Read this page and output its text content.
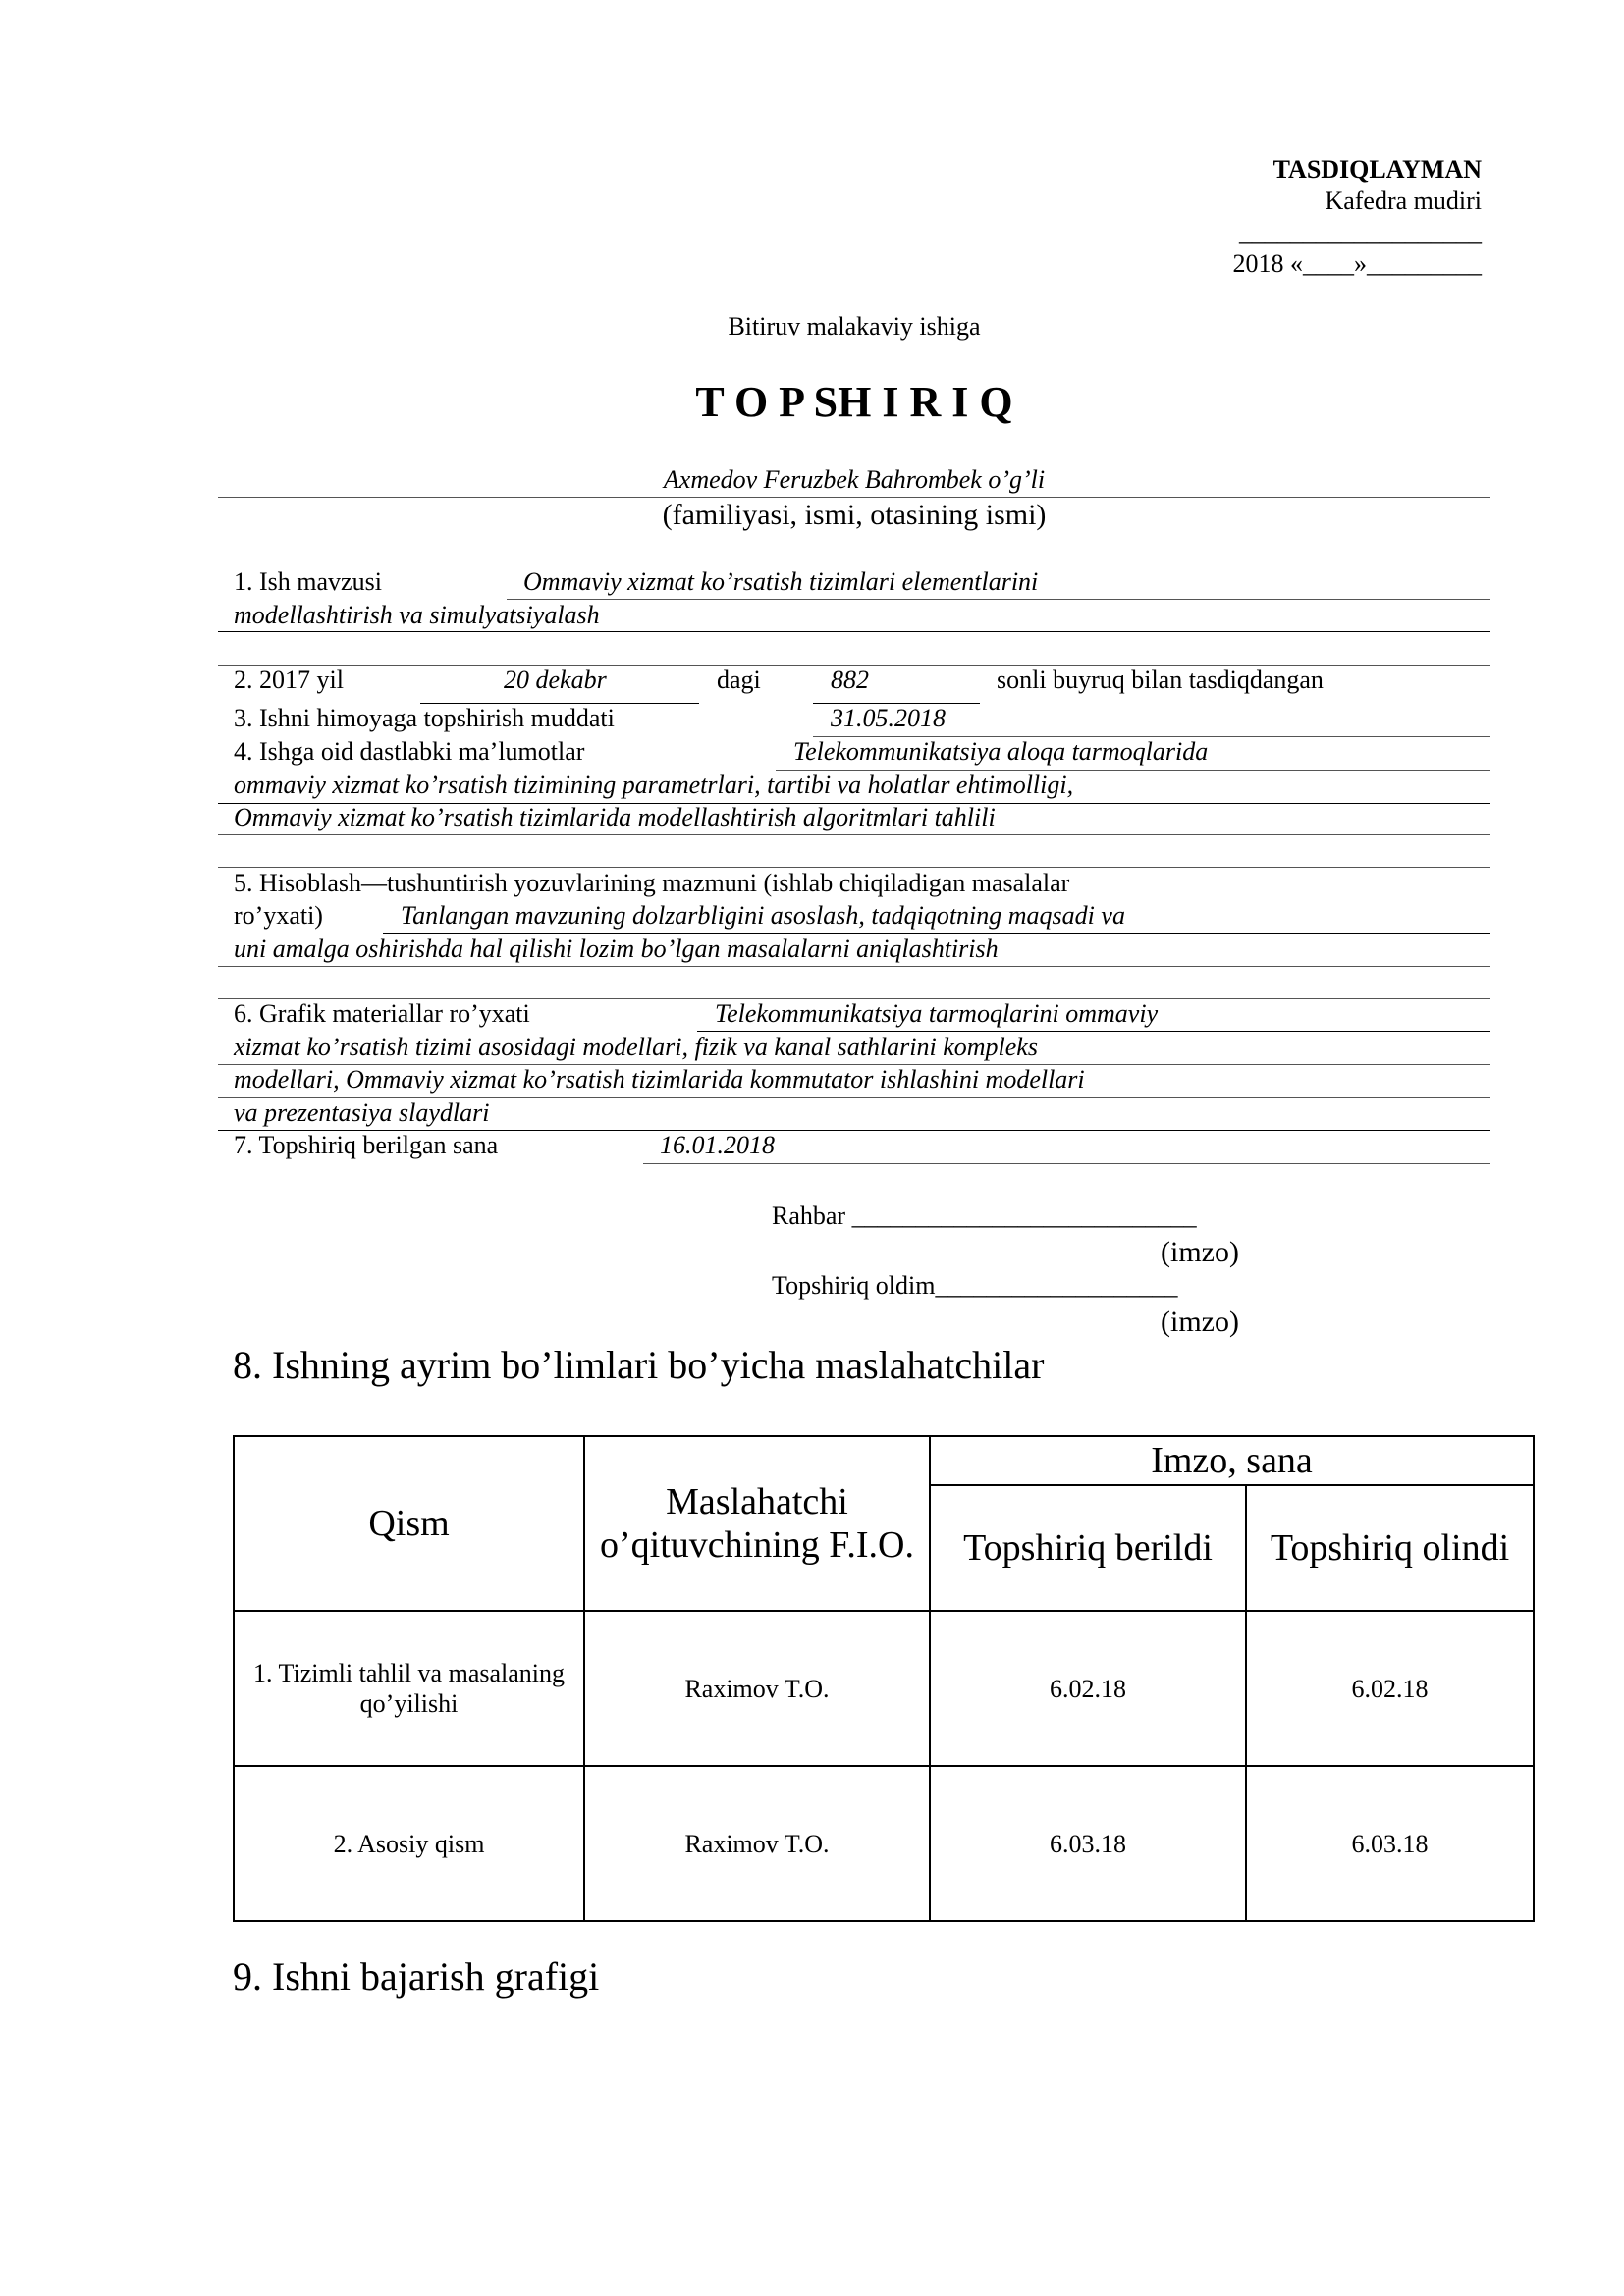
TASDIQLAYMAN
Kafedra mudiri
___________________
2018 «____»_________
Bitiruv malakaviy ishiga
T O P SH I R I Q
Axmedov Feruzbek Bahrombek o’g’li
(familiyasi, ismi, otasining ismi)
1. Ish mavzusi	Ommaviy xizmat ko’rsatish tizimlari elementlarini
modellashtirish va simulyatsiyalash
2. 2017 yil	20 dekabr	dagi	882	sonli buyruq bilan tasdiqdangan
3. Ishni himoyaga topshirish muddati	31.05.2018
4. Ishga oid dastlabki ma’lumotlar	Telekommunikatsiya aloqa tarmoqlarida
ommaviy xizmat ko’rsatish tizimining parametrlari, tartibi va holatlar ehtimolligi,
Ommaviy xizmat ko’rsatish tizimlarida modellashtirish algoritmlari tahlili
5. Hisoblash—tushuntirish yozuvlarining mazmuni (ishlab chiqiladigan masalalar
ro’yxati)	Tanlangan mavzuning dolzarbligini asoslash, tadqiqotning maqsadi va
uni amalga oshirishda hal qilishi lozim bo’lgan masalalarni aniqlashtirish
6. Grafik materiallar ro’yxati	Telekommunikatsiya tarmoqlarini ommaviy
xizmat ko’rsatish tizimi asosidagi modellari, fizik va kanal sathlarini kompleks
modellari, Ommaviy xizmat ko’rsatish tizimlarida kommutator ishlashini modellari
va prezentasiya slaydlari
7. Topshiriq berilgan sana	16.01.2018
Rahbar ___________________________
(imzo)
Topshiriq oldim___________________
(imzo)
8. Ishning ayrim bo’limlari bo’yicha maslahatchilar
Qism	Maslahatchi o’qituvchining F.I.O.	Imzo, sana	
		Topshiriq berildi	Topshiriq olindi
1. Tizimli tahlil va masalaning qo’yilishi	Raximov T.O.	6.02.18	6.02.18
2. Asosiy qism	Raximov T.O.	6.03.18	6.03.18
9. Ishni bajarish grafigi
